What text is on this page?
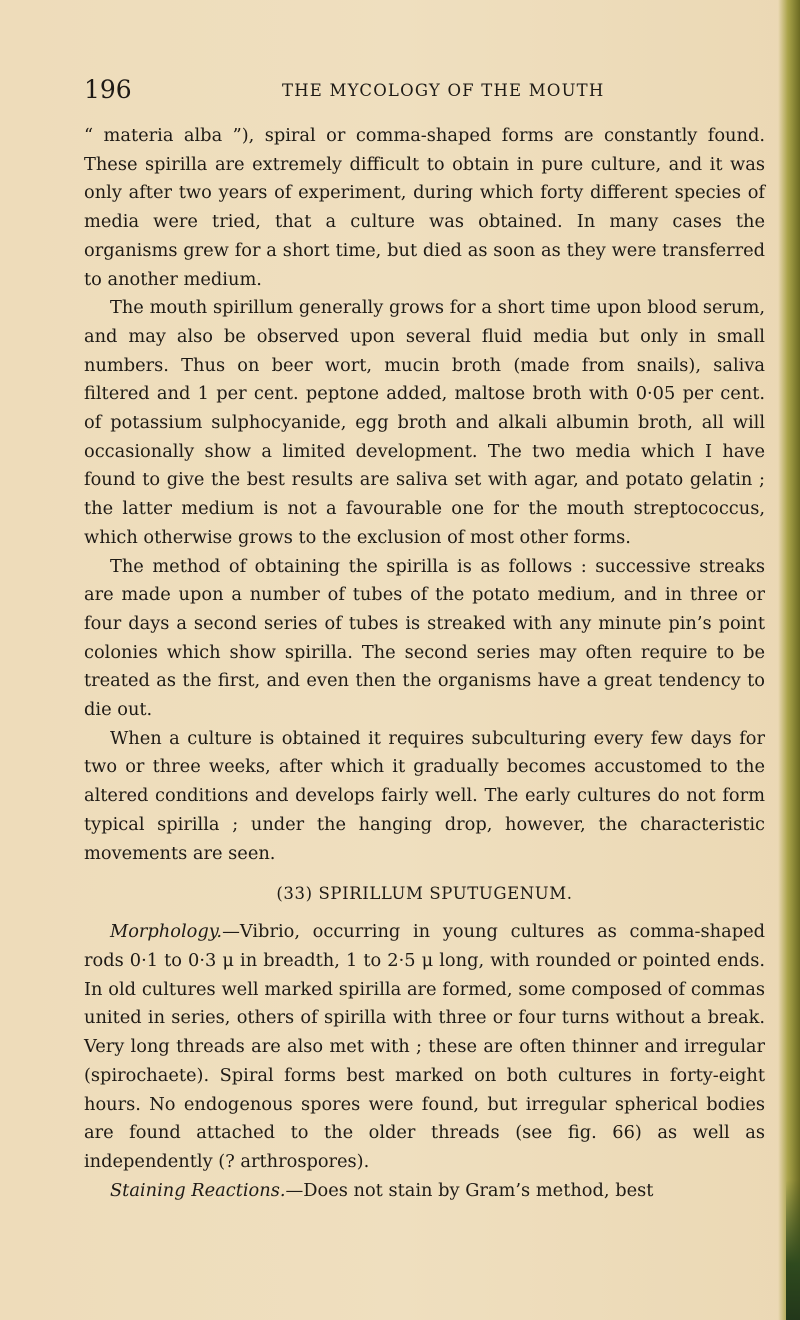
196	THE MYCOLOGY OF THE MOUTH

“ materia alba ”), spiral or comma-shaped forms are constantly found. These spirilla are extremely difficult to obtain in pure culture, and it was only after two years of experiment, during which forty different species of media were tried, that a culture was obtained. In many cases the organisms grew for a short time, but died as soon as they were transferred to another medium.

The mouth spirillum generally grows for a short time upon blood serum, and may also be observed upon several fluid media but only in small numbers. Thus on beer wort, mucin broth (made from snails), saliva filtered and 1 per cent. peptone added, maltose broth with 0·05 per cent. of potassium sulphocyanide, egg broth and alkali albumin broth, all will occasionally show a limited development. The two media which I have found to give the best results are saliva set with agar, and potato gelatin ; the latter medium is not a favourable one for the mouth streptococcus, which otherwise grows to the exclusion of most other forms.

The method of obtaining the spirilla is as follows : successive streaks are made upon a number of tubes of the potato medium, and in three or four days a second series of tubes is streaked with any minute pin’s point colonies which show spirilla. The second series may often require to be treated as the first, and even then the organisms have a great tendency to die out.

When a culture is obtained it requires subculturing every few days for two or three weeks, after which it gradually becomes accustomed to the altered conditions and develops fairly well. The early cultures do not form typical spirilla ; under the hanging drop, however, the characteristic movements are seen.

(33) SPIRILLUM SPUTUGENUM.

Morphology.—Vibrio, occurring in young cultures as comma-shaped rods 0·1 to 0·3 μ in breadth, 1 to 2·5 μ long, with rounded or pointed ends. In old cultures well marked spirilla are formed, some composed of commas united in series, others of spirilla with three or four turns without a break. Very long threads are also met with ; these are often thinner and irregular (spirochaete). Spiral forms best marked on both cultures in forty-eight hours. No endogenous spores were found, but irregular spherical bodies are found attached to the older threads (see fig. 66) as well as independently (? arthrospores).

Staining Reactions.—Does not stain by Gram’s method, best
